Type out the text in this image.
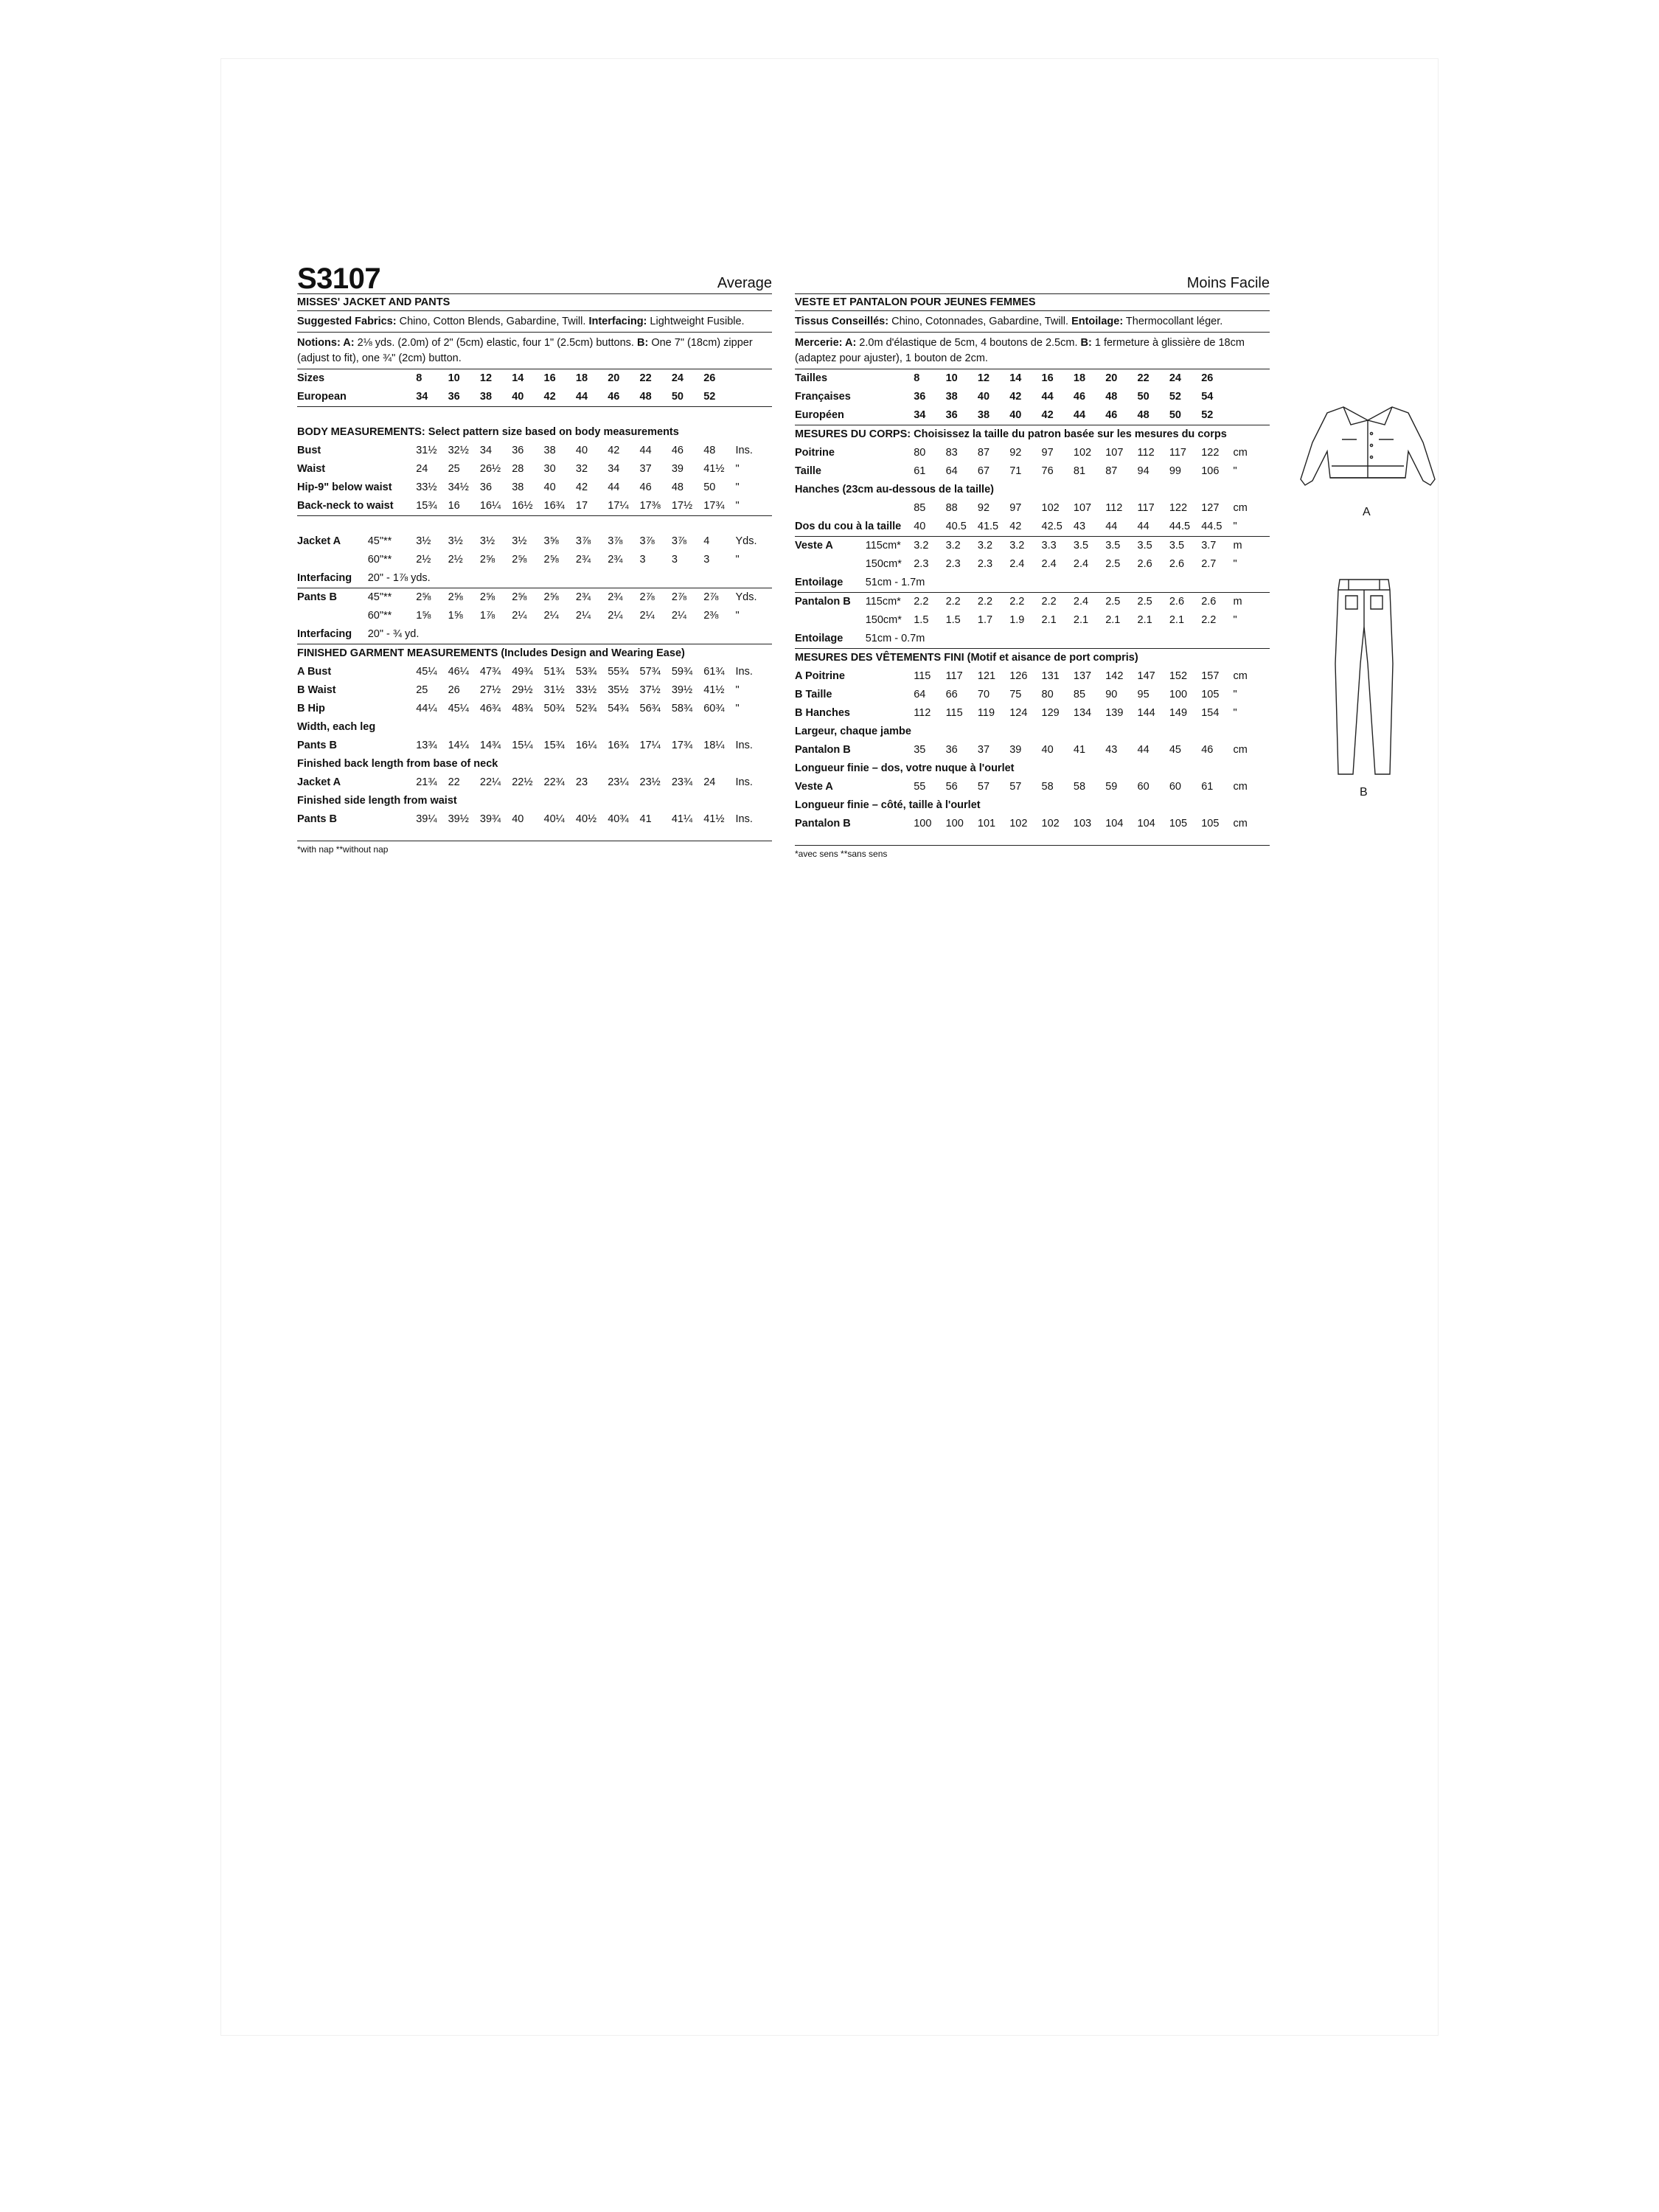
S3107	Average
MISSES' JACKET AND PANTS
Suggested Fabrics: Chino, Cotton Blends, Gabardine, Twill. Interfacing: Lightweight Fusible.
Notions: A: 2⅛ yds. (2.0m) of 2" (5cm) elastic, four 1" (2.5cm) buttons. B: One 7" (18cm) zipper (adjust to fit), one ¾" (2cm) button.
Sizes		8	10	12	14	16	18	20	22	24	26	
European		34	36	38	40	42	44	46	48	50	52	

BODY MEASUREMENTS: Select pattern size based on body measurements												
Bust		31½	32½	34	36	38	40	42	44	46	48	Ins.
Waist		24	25	26½	28	30	32	34	37	39	41½	"
Hip-9" below waist		33½	34½	36	38	40	42	44	46	48	50	"
Back-neck to waist		15¾	16	16¼	16½	16¾	17	17¼	17⅜	17½	17¾	"

Jacket A	45"**	3½	3½	3½	3½	3⅝	3⅞	3⅞	3⅞	3⅞	4	Yds.
	60"**	2½	2½	2⅝	2⅝	2⅝	2¾	2¾	3	3	3	"
Interfacing	20" - 1⅞ yds.											
Pants B	45"**	2⅝	2⅝	2⅝	2⅝	2⅝	2¾	2¾	2⅞	2⅞	2⅞	Yds.
	60"**	1⅝	1⅝	1⅞	2¼	2¼	2¼	2¼	2¼	2¼	2⅜	"
Interfacing	20" - ¾ yd.											
FINISHED GARMENT MEASUREMENTS (Includes Design and Wearing Ease)												
A Bust		45¼	46¼	47¾	49¾	51¾	53¾	55¾	57¾	59¾	61¾	Ins.
B Waist		25	26	27½	29½	31½	33½	35½	37½	39½	41½	"
B Hip		44¼	45¼	46¾	48¾	50¾	52¾	54¾	56¾	58¾	60¾	"
Width, each leg												
Pants B		13¾	14¼	14¾	15¼	15¾	16¼	16¾	17¼	17¾	18¼	Ins.
Finished back length from base of neck												
Jacket A		21¾	22	22¼	22½	22¾	23	23¼	23½	23¾	24	Ins.
Finished side length from waist												
Pants B		39¼	39½	39¾	40	40¼	40½	40¾	41	41¼	41½	Ins.
*with nap **without nap
Moins Facile
VESTE ET PANTALON POUR JEUNES FEMMES
Tissus Conseillés: Chino, Cotonnades, Gabardine, Twill. Entoilage: Thermocollant léger.
Mercerie: A: 2.0m d'élastique de 5cm, 4 boutons de 2.5cm. B: 1 fermeture à glissière de 18cm (adaptez pour ajuster), 1 bouton de 2cm.
Tailles		8	10	12	14	16	18	20	22	24	26	
Françaises		36	38	40	42	44	46	48	50	52	54	
Européen		34	36	38	40	42	44	46	48	50	52	
MESURES DU CORPS: Choisissez la taille du patron basée sur les mesures du corps												
Poitrine		80	83	87	92	97	102	107	112	117	122	cm
Taille		61	64	67	71	76	81	87	94	99	106	"
Hanches (23cm au-dessous de la taille)												
		85	88	92	97	102	107	112	117	122	127	cm
Dos du cou à la taille		40	40.5	41.5	42	42.5	43	44	44	44.5	44.5	"
Veste A	115cm*	3.2	3.2	3.2	3.2	3.3	3.5	3.5	3.5	3.5	3.7	m
	150cm*	2.3	2.3	2.3	2.4	2.4	2.4	2.5	2.6	2.6	2.7	"
Entoilage	51cm - 1.7m											
Pantalon B	115cm*	2.2	2.2	2.2	2.2	2.2	2.4	2.5	2.5	2.6	2.6	m
	150cm*	1.5	1.5	1.7	1.9	2.1	2.1	2.1	2.1	2.1	2.2	"
Entoilage	51cm - 0.7m											
MESURES DES VÊTEMENTS FINI (Motif et aisance de port compris)												
A Poitrine		115	117	121	126	131	137	142	147	152	157	cm
B Taille		64	66	70	75	80	85	90	95	100	105	"
B Hanches		112	115	119	124	129	134	139	144	149	154	"
Largeur, chaque jambe												
Pantalon B		35	36	37	39	40	41	43	44	45	46	cm
Longueur finie – dos, votre nuque à l'ourlet												
Veste A		55	56	57	57	58	58	59	60	60	61	cm
Longueur finie – côté, taille à l'ourlet												
Pantalon B		100	100	101	102	102	103	104	104	105	105	cm
*avec sens **sans sens
A
B
